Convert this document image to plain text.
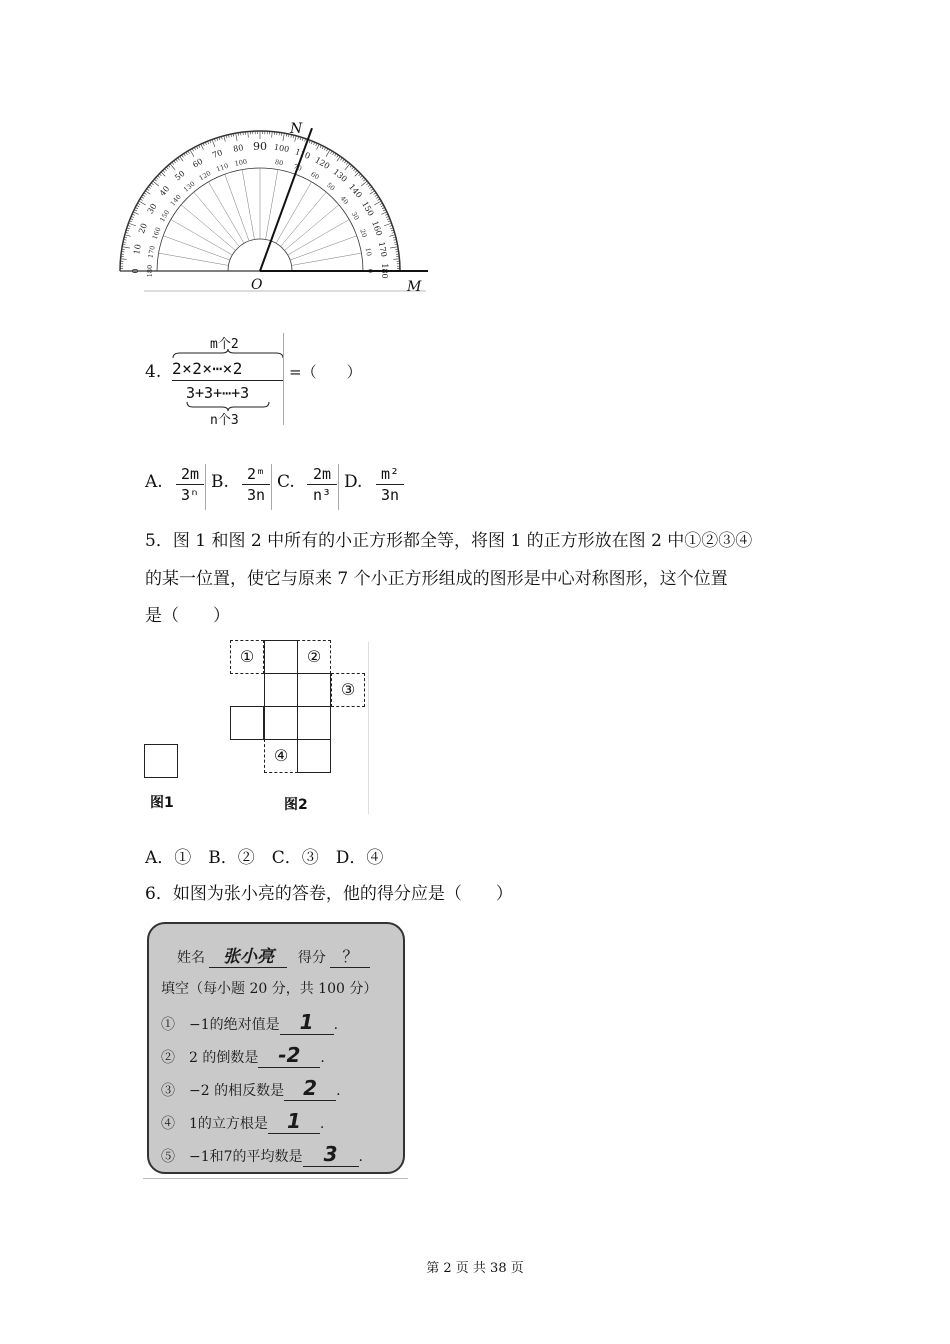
0
10
20
30
40
50
60
70 80 90 100 110
120
130
140
150
160
170
180
180
170
160
150
140
130
120
110 100	80 70
60
50
40
30
20
10
0
N
O	M
4.
m个2
2×2×⋯×2
3+3+⋯+3
n个3
=（　　）
A.	2m
3ⁿ
B.	2ᵐ
3n
C.	2m
n³
D.	m²
3n
5．图 1 和图 2 中所有的小正方形都全等，将图 1 的正方形放在图 2 中①②③④
的某一位置，使它与原来 7 个小正方形组成的图形是中心对称图形，这个位置
是（　　）
图1
①	②
③
④
图2
A．①　B．②　C．③　D．④
6．如图为张小亮的答卷，他的得分应是（　　）
姓名 张小亮 得分 ？
填空（每小题 20 分，共 100 分）
①　 −1的绝对值是 1 .
②　 2 的倒数是 -2 .
③　 −2 的相反数是 2 .
④　 1的立方根是 1 .
⑤　 −1和7的平均数是 3 .
第 2 页 共 38 页
